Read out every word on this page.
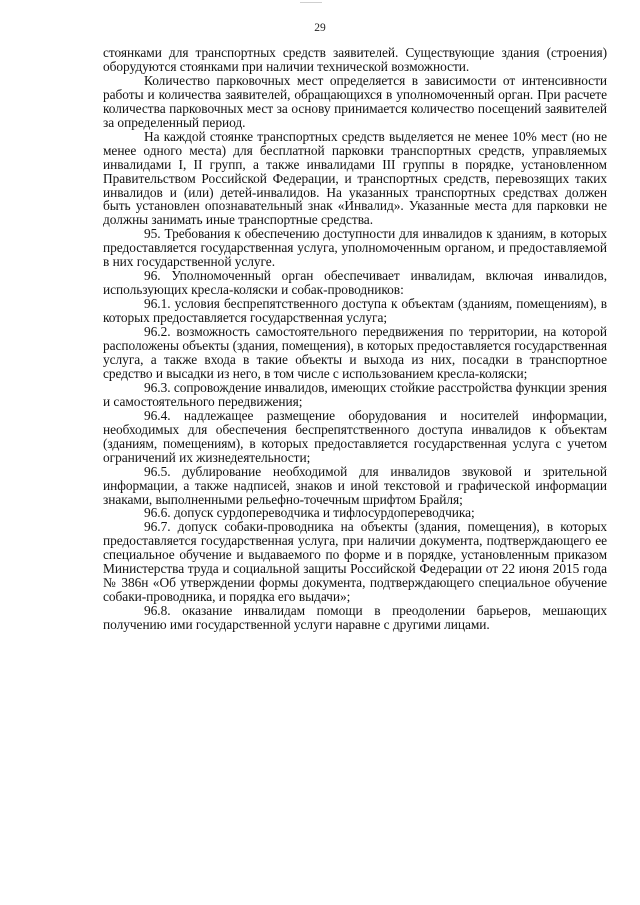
29

стоянками для транспортных средств заявителей. Существующие здания (строения) оборудуются стоянками при наличии технической возможности.

Количество парковочных мест определяется в зависимости от интенсивности работы и количества заявителей, обращающихся в уполномоченный орган. При расчете количества парковочных мест за основу принимается количество посещений заявителей за определенный период.

На каждой стоянке транспортных средств выделяется не менее 10% мест (но не менее одного места) для бесплатной парковки транспортных средств, управляемых инвалидами I, II групп, а также инвалидами III группы в порядке, установленном Правительством Российской Федерации, и транспортных средств, перевозящих таких инвалидов и (или) детей-инвалидов. На указанных транспортных средствах должен быть установлен опознавательный знак «Инвалид». Указанные места для парковки не должны занимать иные транспортные средства.

95. Требования к обеспечению доступности для инвалидов к зданиям, в которых предоставляется государственная услуга, уполномоченным органом, и предоставляемой в них государственной услуге.

96. Уполномоченный орган обеспечивает инвалидам, включая инвалидов, использующих кресла-коляски и собак-проводников:

96.1. условия беспрепятственного доступа к объектам (зданиям, помещениям), в которых предоставляется государственная услуга;

96.2. возможность самостоятельного передвижения по территории, на которой расположены объекты (здания, помещения), в которых предоставляется государственная услуга, а также входа в такие объекты и выхода из них, посадки в транспортное средство и высадки из него, в том числе с использованием кресла-коляски;

96.3. сопровождение инвалидов, имеющих стойкие расстройства функции зрения и самостоятельного передвижения;

96.4. надлежащее размещение оборудования и носителей информации, необходимых для обеспечения беспрепятственного доступа инвалидов к объектам (зданиям, помещениям), в которых предоставляется государственная услуга с учетом ограничений их жизнедеятельности;

96.5. дублирование необходимой для инвалидов звуковой и зрительной информации, а также надписей, знаков и иной текстовой и графической информации знаками, выполненными рельефно-точечным шрифтом Брайля;

96.6. допуск сурдопереводчика и тифлосурдопереводчика;

96.7. допуск собаки-проводника на объекты (здания, помещения), в которых предоставляется государственная услуга, при наличии документа, подтверждающего ее специальное обучение и выдаваемого по форме и в порядке, установленным приказом Министерства труда и социальной защиты Российской Федерации от 22 июня 2015 года № 386н «Об утверждении формы документа, подтверждающего специальное обучение собаки-проводника, и порядка его выдачи»;

96.8. оказание инвалидам помощи в преодолении барьеров, мешающих получению ими государственной услуги наравне с другими лицами.
